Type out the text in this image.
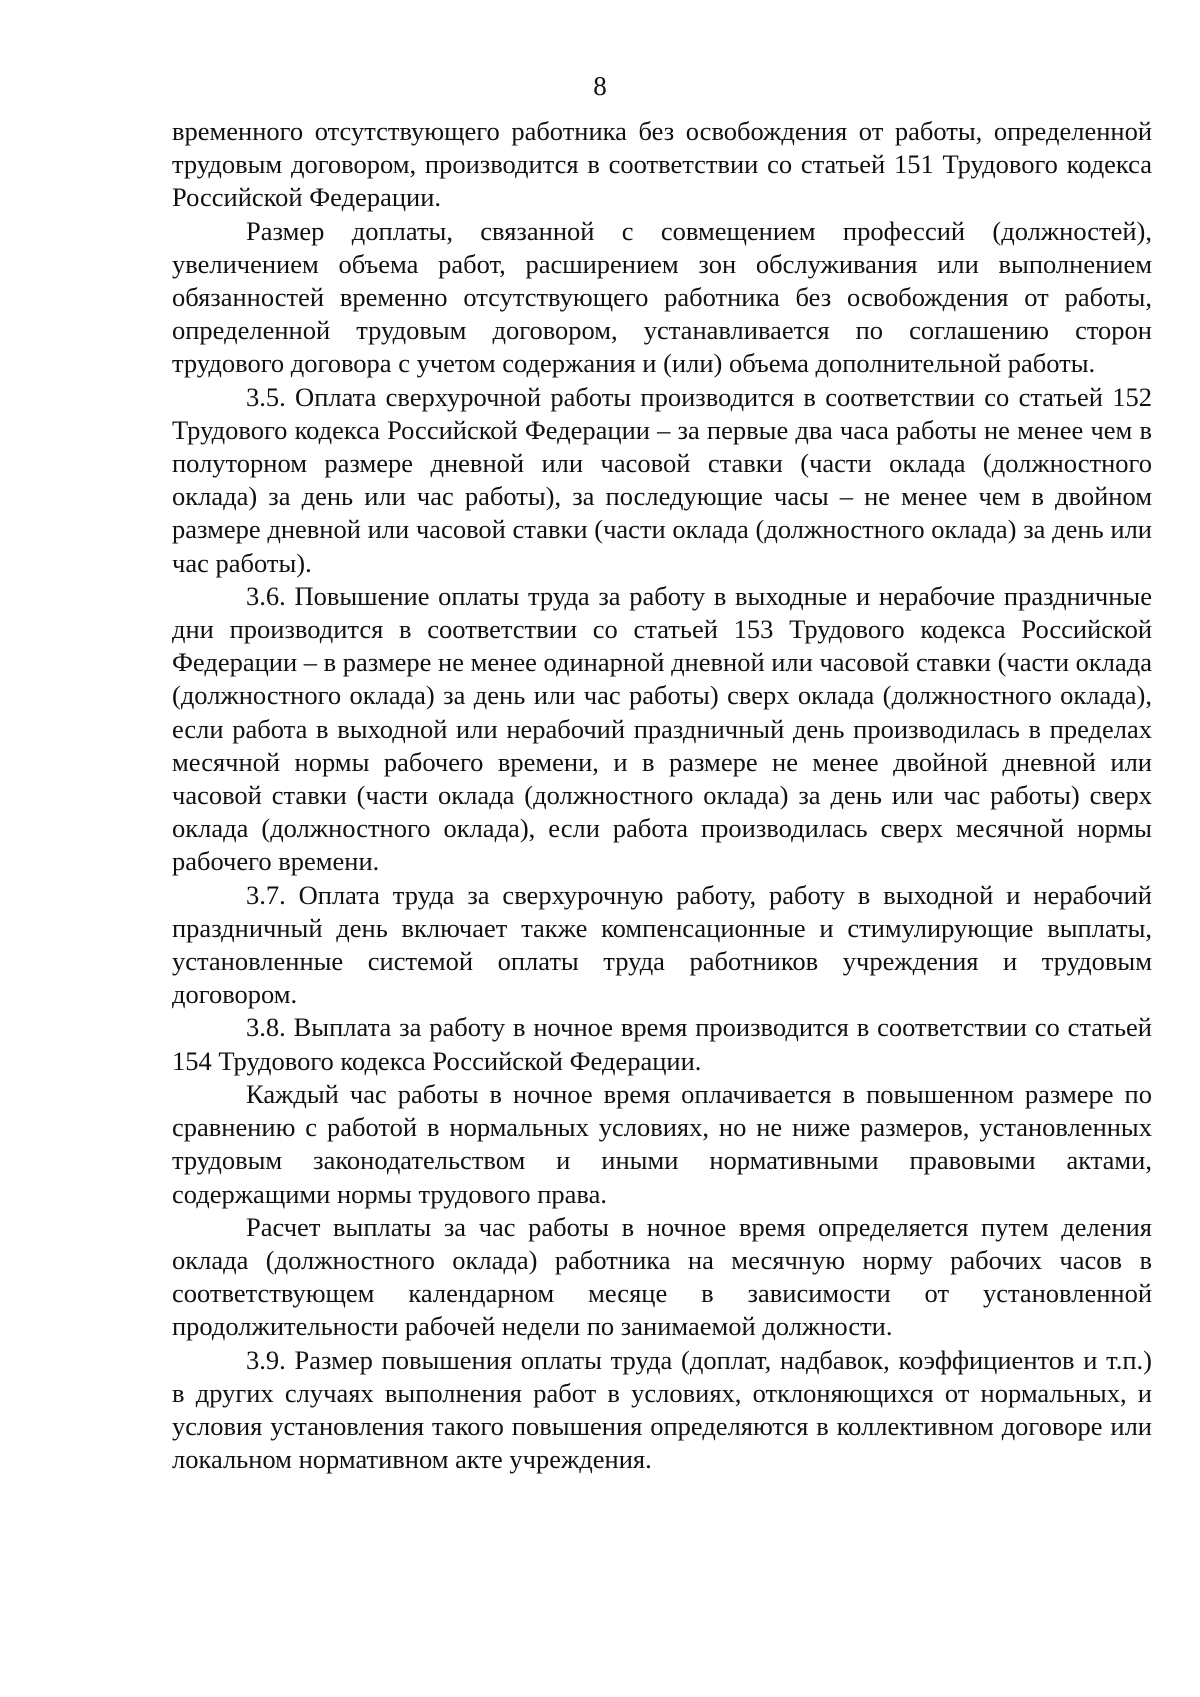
8

временного отсутствующего работника без освобождения от работы, определенной трудовым договором, производится в соответствии со статьей 151 Трудового кодекса Российской Федерации.

Размер доплаты, связанной с совмещением профессий (должностей), увеличением объема работ, расширением зон обслуживания или выполнением обязанностей временно отсутствующего работника без освобождения от работы, определенной трудовым договором, устанавливается по соглашению сторон трудового договора с учетом содержания и (или) объема дополнительной работы.

3.5. Оплата сверхурочной работы производится в соответствии со статьей 152 Трудового кодекса Российской Федерации – за первые два часа работы не менее чем в полуторном размере дневной или часовой ставки (части оклада (должностного оклада) за день или час работы), за последующие часы – не менее чем в двойном размере дневной или часовой ставки (части оклада (должностного оклада) за день или час работы).

3.6. Повышение оплаты труда за работу в выходные и нерабочие праздничные дни производится в соответствии со статьей 153 Трудового кодекса Российской Федерации – в размере не менее одинарной дневной или часовой ставки (части оклада (должностного оклада) за день или час работы) сверх оклада (должностного оклада), если работа в выходной или нерабочий праздничный день производилась в пределах месячной нормы рабочего времени, и в размере не менее двойной дневной или часовой ставки (части оклада (должностного оклада) за день или час работы) сверх оклада (должностного оклада), если работа производилась сверх месячной нормы рабочего времени.

3.7. Оплата труда за сверхурочную работу, работу в выходной и нерабочий праздничный день включает также компенсационные и стимулирующие выплаты, установленные системой оплаты труда работников учреждения и трудовым договором.

3.8. Выплата за работу в ночное время производится в соответствии со статьей 154 Трудового кодекса Российской Федерации.

Каждый час работы в ночное время оплачивается в повышенном размере по сравнению с работой в нормальных условиях, но не ниже размеров, установленных трудовым законодательством и иными нормативными правовыми актами, содержащими нормы трудового права.

Расчет выплаты за час работы в ночное время определяется путем деления оклада (должностного оклада) работника на месячную норму рабочих часов в соответствующем календарном месяце в зависимости от установленной продолжительности рабочей недели по занимаемой должности.

3.9. Размер повышения оплаты труда (доплат, надбавок, коэффициентов и т.п.) в других случаях выполнения работ в условиях, отклоняющихся от нормальных, и условия установления такого повышения определяются в коллективном договоре или локальном нормативном акте учреждения.
